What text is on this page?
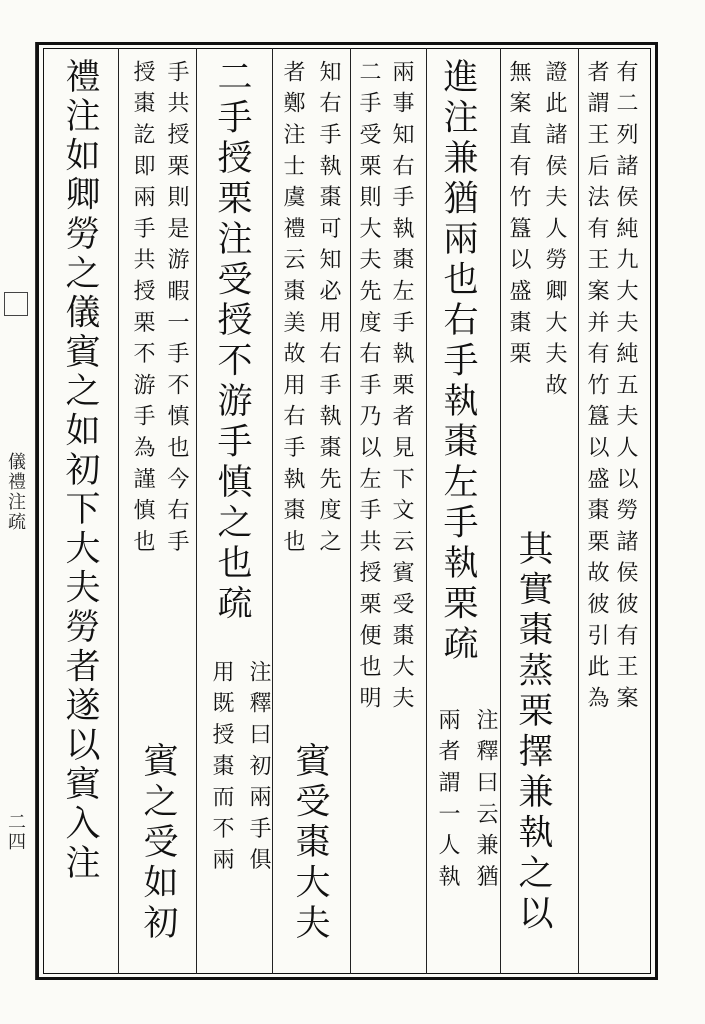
儀禮注疏
二四
有二列諸侯純九大夫純五夫人以勞諸侯彼有王案
者謂王后法有王案并有竹簋以盛棗栗故彼引此為
證此諸侯夫人勞卿大夫故
其實棗蒸栗擇兼執之以
無案直有竹簋以盛棗栗
進注兼猶兩也右手執棗左手執栗疏
注釋曰云兼猶
兩者謂一人執
兩事知右手執棗左手執栗者見下文云賓受棗大夫
二手受栗則大夫先度右手乃以左手共授栗便也明
知右手執棗可知必用右手執棗先度之
賓受棗大夫
者鄭注士虞禮云棗美故用右手執棗也
二手授栗注受授不游手慎之也疏
注釋曰初兩手俱
用既授棗而不兩
手共授栗則是游暇一手不慎也今右手
賓之受如初
授棗訖即兩手共授栗不游手為謹慎也
禮注如卿勞之儀賓之如初下大夫勞者遂以賓入注
